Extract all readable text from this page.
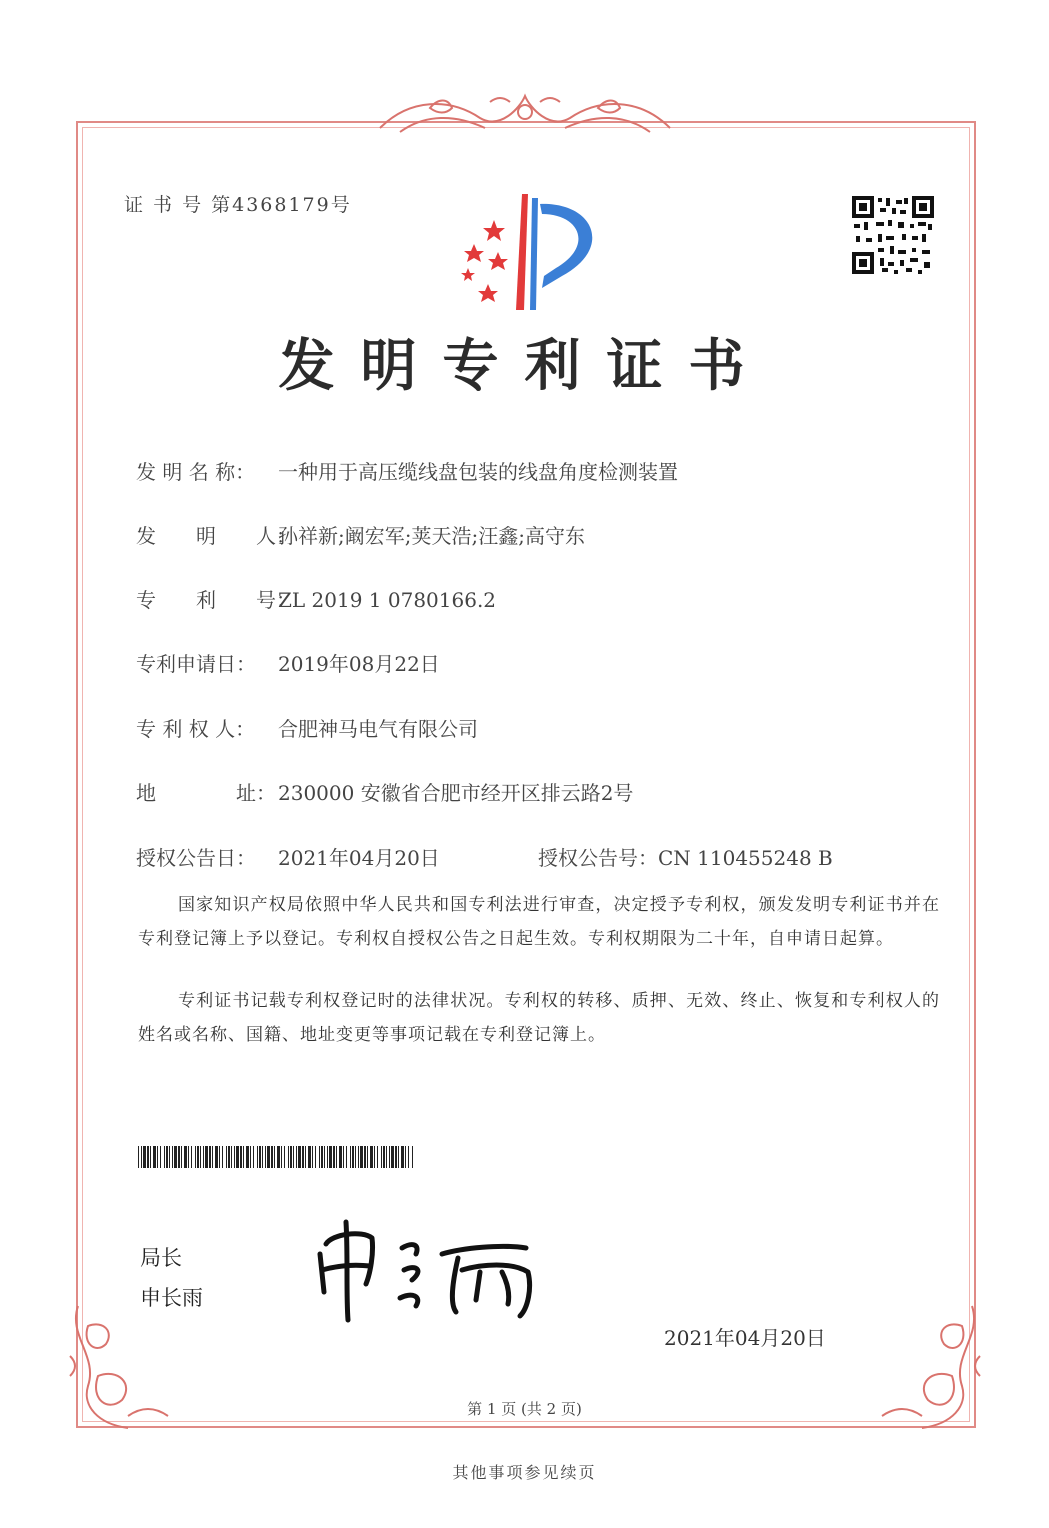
证 书 号 第4368179号
发明专利证书
发 明 名 称： 一种用于高压缆线盘包装的线盘角度检测装置
发　　明　　人：孙祥新;阚宏军;荚天浩;汪鑫;高守东
专　　利　　号：ZL 2019 1 0780166.2
专利申请日： 2019年08月22日
专 利 权 人： 合肥神马电气有限公司
地　　　　址： 230000 安徽省合肥市经开区排云路2号
授权公告日： 2021年04月20日	授权公告号：CN 110455248 B
国家知识产权局依照中华人民共和国专利法进行审查，决定授予专利权，颁发发明专利证书并在专利登记簿上予以登记。专利权自授权公告之日起生效。专利权期限为二十年，自申请日起算。
专利证书记载专利权登记时的法律状况。专利权的转移、质押、无效、终止、恢复和专利权人的姓名或名称、国籍、地址变更等事项记载在专利登记簿上。
局长
申长雨
2021年04月20日
第 1 页 (共 2 页)
其他事项参见续页
